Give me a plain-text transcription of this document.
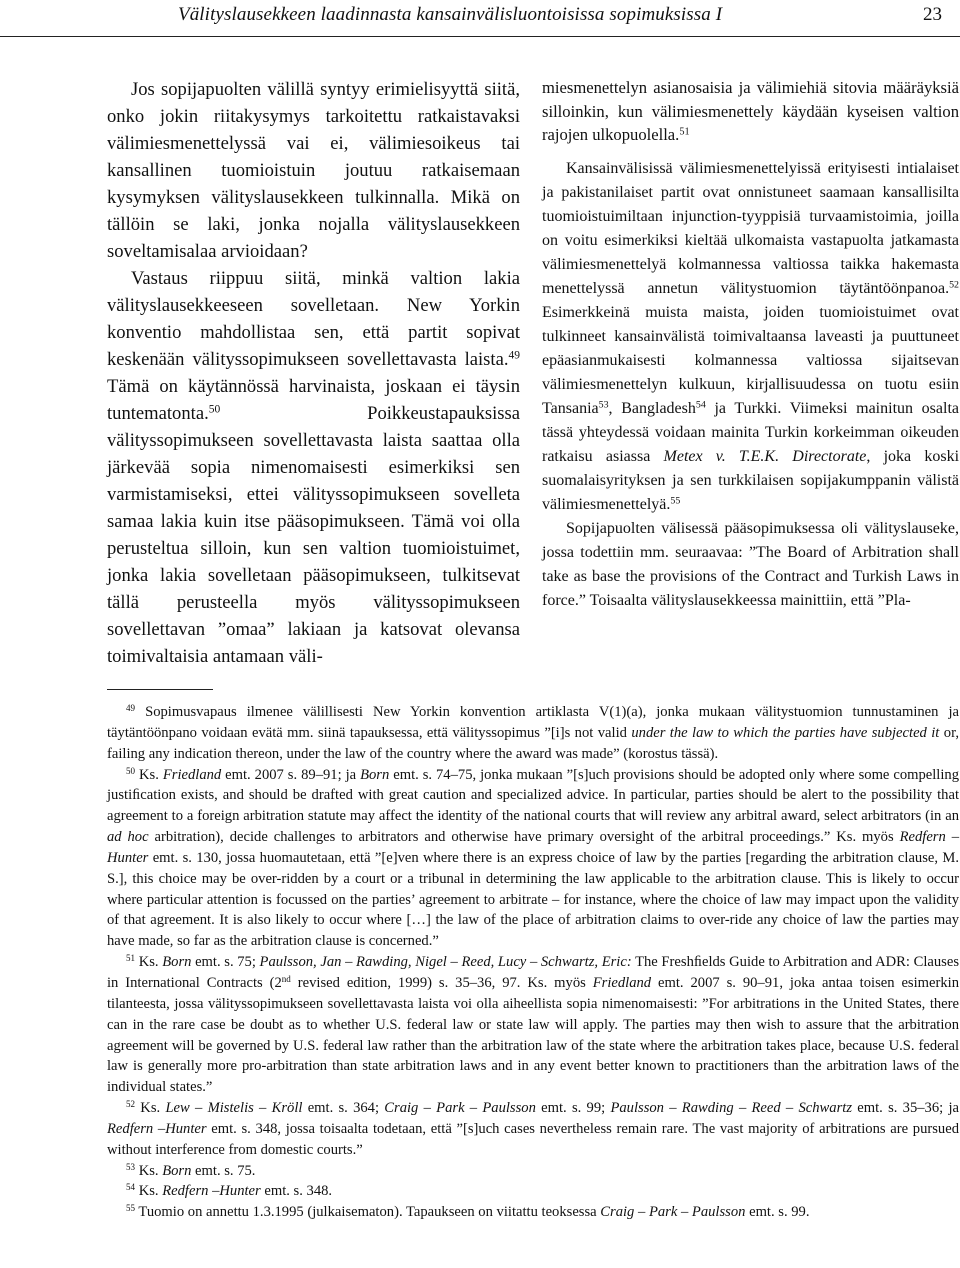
Välityslausekkeen laadinnasta kansainvälisluontoisissa sopimuksissa I	23

Jos sopijapuolten välillä syntyy erimielisyyttä siitä, onko jokin riitakysymys tarkoitettu ratkaistavaksi välimiesmenettelyssä vai ei, välimiesoikeus tai kansallinen tuomioistuin joutuu ratkaisemaan kysymyksen välityslausekkeen tulkinnalla. Mikä on tällöin se laki, jonka nojalla välityslausekkeen soveltamisalaa arvioidaan?

Vastaus riippuu siitä, minkä valtion lakia välityslausekkeeseen sovelletaan. New Yorkin konventio mahdollistaa sen, että partit sopivat keskenään välityssopimukseen sovellettavasta laista.$^{49}$ Tämä on käytännössä harvinaista, joskaan ei täysin tuntematonta.$^{50}$ Poikkeustapauksissa välityssopimukseen sovellettavasta laista saattaa olla järkevää sopia nimenomaisesti esimerkiksi sen varmistamiseksi, ettei välityssopimukseen sovelleta samaa lakia kuin itse pääsopimukseen. Tämä voi olla perusteltua silloin, kun sen valtion tuomioistuimet, jonka lakia sovelletaan pääsopimukseen, tulkitsevat tällä perusteella myös välityssopimukseen sovellettavan ”omaa” lakiaan ja katsovat olevansa toimivaltaisia antamaan väli-

miesmenettelyn asianosaisia ja välimiehiä sitovia määräyksiä silloinkin, kun välimiesmenettely käydään kyseisen valtion rajojen ulkopuolella.$^{51}$

Kansainvälisissä välimiesmenettelyissä erityisesti intialaiset ja pakistanilaiset partit ovat onnistuneet saamaan kansallisilta tuomioistuimiltaan injunction-tyyppisiä turvaamistoimia, joilla on voitu esimerkiksi kieltää ulkomaista vastapuolta jatkamasta välimiesmenettelyä kolmannessa valtiossa taikka hakemasta menettelyssä annetun välitystuomion täytäntöönpanoa.$^{52}$ Esimerkkeinä muista maista, joiden tuomioistuimet ovat tulkinneet kansainvälistä toimivaltaansa laveasti ja puuttuneet epäasianmukaisesti kolmannessa valtiossa sijaitsevan välimiesmenettelyn kulkuun, kirjallisuudessa on tuotu esiin Tansania$^{53}$, Bangladesh$^{54}$ ja Turkki. Viimeksi mainitun osalta tässä yhteydessä voidaan mainita Turkin korkeimman oikeuden ratkaisu asiassa Metex v. T.E.K. Directorate, joka koski suomalaisyrityksen ja sen turkkilaisen sopijakumppanin välistä välimiesmenettelyä.$^{55}$

Sopijapuolten välisessä pääsopimuksessa oli välityslauseke, jossa todettiin mm. seuraavaa: ”The Board of Arbitration shall take as base the provisions of the Contract and Turkish Laws in force.” Toisaalta välityslausekkeessa mainittiin, että ”Pla-

$^{49}$ Sopimusvapaus ilmenee välillisesti New Yorkin konvention artiklasta V(1)(a), jonka mukaan välitystuomion tunnustaminen ja täytäntöönpano voidaan evätä mm. siinä tapauksessa, että välityssopimus ”[i]s not valid under the law to which the parties have subjected it or, failing any indication thereon, under the law of the country where the award was made” (korostus tässä).

$^{50}$ Ks. Friedland emt. 2007 s. 89–91; ja Born emt. s. 74–75, jonka mukaan ”[s]uch provisions should be adopted only where some compelling justiﬁcation exists, and should be drafted with great caution and specialized advice. In particular, parties should be alert to the possibility that agreement to a foreign arbitration statute may affect the identity of the national courts that will review any arbitral award, select arbitrators (in an ad hoc arbitration), decide challenges to arbitrators and otherwise have primary oversight of the arbitral proceedings.” Ks. myös Redfern – Hunter emt. s. 130, jossa huomautetaan, että ”[e]ven where there is an express choice of law by the parties [regarding the arbitration clause, M. S.], this choice may be over-ridden by a court or a tribunal in determining the law applicable to the arbitration clause. This is likely to occur where particular attention is focussed on the parties’ agreement to arbitrate – for instance, where the choice of law may impact upon the validity of that agreement. It is also likely to occur where […] the law of the place of arbitration claims to over-ride any choice of law the parties may have made, so far as the arbitration clause is concerned.”

$^{51}$ Ks. Born emt. s. 75; Paulsson, Jan – Rawding, Nigel – Reed, Lucy – Schwartz, Eric: The Freshﬁelds Guide to Arbitration and ADR: Clauses in International Contracts (2nd revised edition, 1999) s. 35–36, 97. Ks. myös Friedland emt. 2007 s. 90–91, joka antaa toisen esimerkin tilanteesta, jossa välityssopimukseen sovellettavasta laista voi olla aiheellista sopia nimenomaisesti: ”For arbitrations in the United States, there can in the rare case be doubt as to whether U.S. federal law or state law will apply. The parties may then wish to assure that the arbitration agreement will be governed by U.S. federal law rather than the arbitration law of the state where the arbitration takes place, because U.S. federal law is generally more pro-arbitration than state arbitration laws and in any event better known to practitioners than the arbitration laws of the individual states.”

$^{52}$ Ks. Lew – Mistelis – Kröll emt. s. 364; Craig – Park – Paulsson emt. s. 99; Paulsson – Rawding – Reed – Schwartz emt. s. 35–36; ja Redfern –Hunter emt. s. 348, jossa toisaalta todetaan, että ”[s]uch cases nevertheless remain rare. The vast majority of arbitrations are pursued without interference from domestic courts.”

$^{53}$ Ks. Born emt. s. 75.

$^{54}$ Ks. Redfern –Hunter emt. s. 348.

$^{55}$ Tuomio on annettu 1.3.1995 (julkaisematon). Tapaukseen on viitattu teoksessa Craig – Park – Paulsson emt. s. 99.
